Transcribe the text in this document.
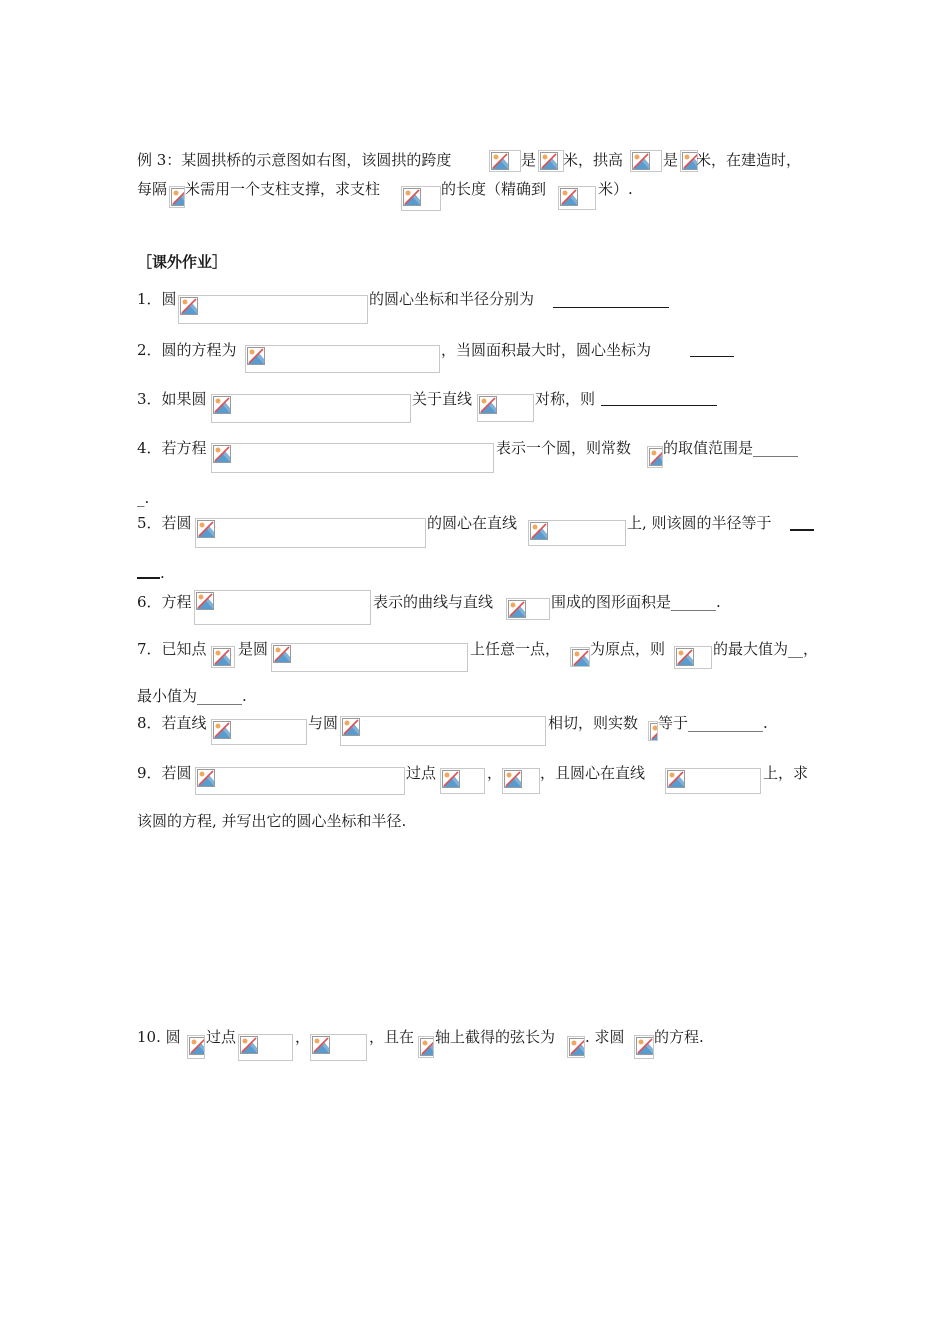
例 3：某圆拱桥的示意图如右图，该圆拱的跨度	是 米，拱高	是 米，在建造时，
每隔 米需用一个支柱支撑，求支柱	的长度（精确到	米）.
［课外作业］
1．圆	的圆心坐标和半径分别为
2．圆的方程为	，当圆面积最大时，圆心坐标为
3．如果圆	关于直线	对称，则
4．若方程	表示一个圆，则常数 的取值范围是______
_.
5．若圆	的圆心在直线	上, 则该圆的半径等于
.
6．方程	表示的曲线与直线	围成的图形面积是______.
7．已知点 是圆	上任意一点， 为原点，则	的最大值为__，
最小值为______.
8．若直线	与圆	相切，则实数 等于__________.
9．若圆	过点	，	，且圆心在直线	上，求
该圆的方程, 并写出它的圆心坐标和半径.
10. 圆 过点	，	，且在 轴上截得的弦长为 . 求圆 的方程.
